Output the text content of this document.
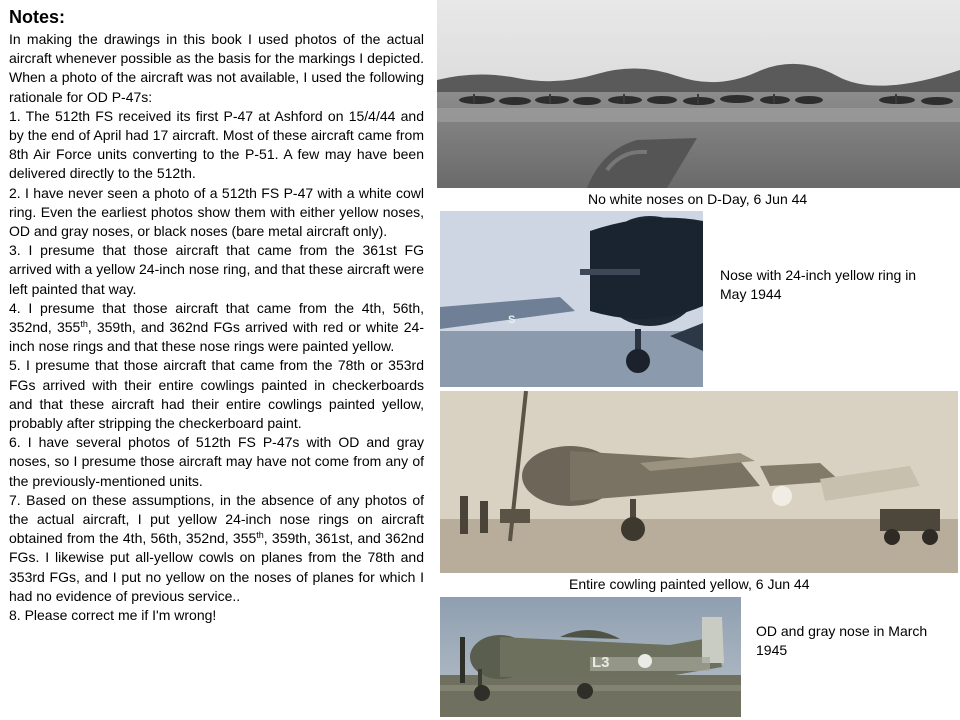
Notes:

In making the drawings in this book I used photos of the actual aircraft whenever possible as the basis for the markings I depicted. When a photo of the aircraft was not available, I used the following rationale for OD P-47s:

1. The 512th FS received its first P-47 at Ashford on 15/4/44 and by the end of April had 17 aircraft. Most of these aircraft came from 8th Air Force units converting to the P-51. A few may have been delivered directly to the 512th.

2. I have never seen a photo of a 512th FS P-47 with a white cowl ring. Even the earliest photos show them with either yellow noses, OD and gray noses, or black noses (bare metal aircraft only).

3. I presume that those aircraft that came from the 361st FG arrived with a yellow 24-inch nose ring, and that these aircraft were left painted that way.

4. I presume that those aircraft that came from the 4th, 56th, 352nd, 355th, 359th, and 362nd FGs arrived with red or white 24-inch nose rings and that these nose rings were painted yellow.

5. I presume that those aircraft that came from the 78th or 353rd FGs arrived with their entire cowlings painted in checkerboards and that these aircraft had their entire cowlings painted yellow, probably after stripping the checkerboard paint.

6. I have several photos of 512th FS P-47s with OD and gray noses, so I presume those aircraft may have not come from any of the previously-mentioned units.

7. Based on these assumptions, in the absence of any photos of the actual aircraft, I put yellow 24-inch nose rings on aircraft obtained from the 4th, 56th, 352nd, 355th, 359th, 361st, and 362nd FGs. I likewise put all-yellow cowls on planes from the 78th and 353rd FGs, and I put no yellow on the noses of planes for which I had no evidence of previous service..

8. Please correct me if I'm wrong!

No white noses on D-Day, 6 Jun 44
S
Nose with 24-inch yellow ring in May 1944
Entire cowling painted yellow, 6 Jun 44
L3
OD and gray nose in March 1945
